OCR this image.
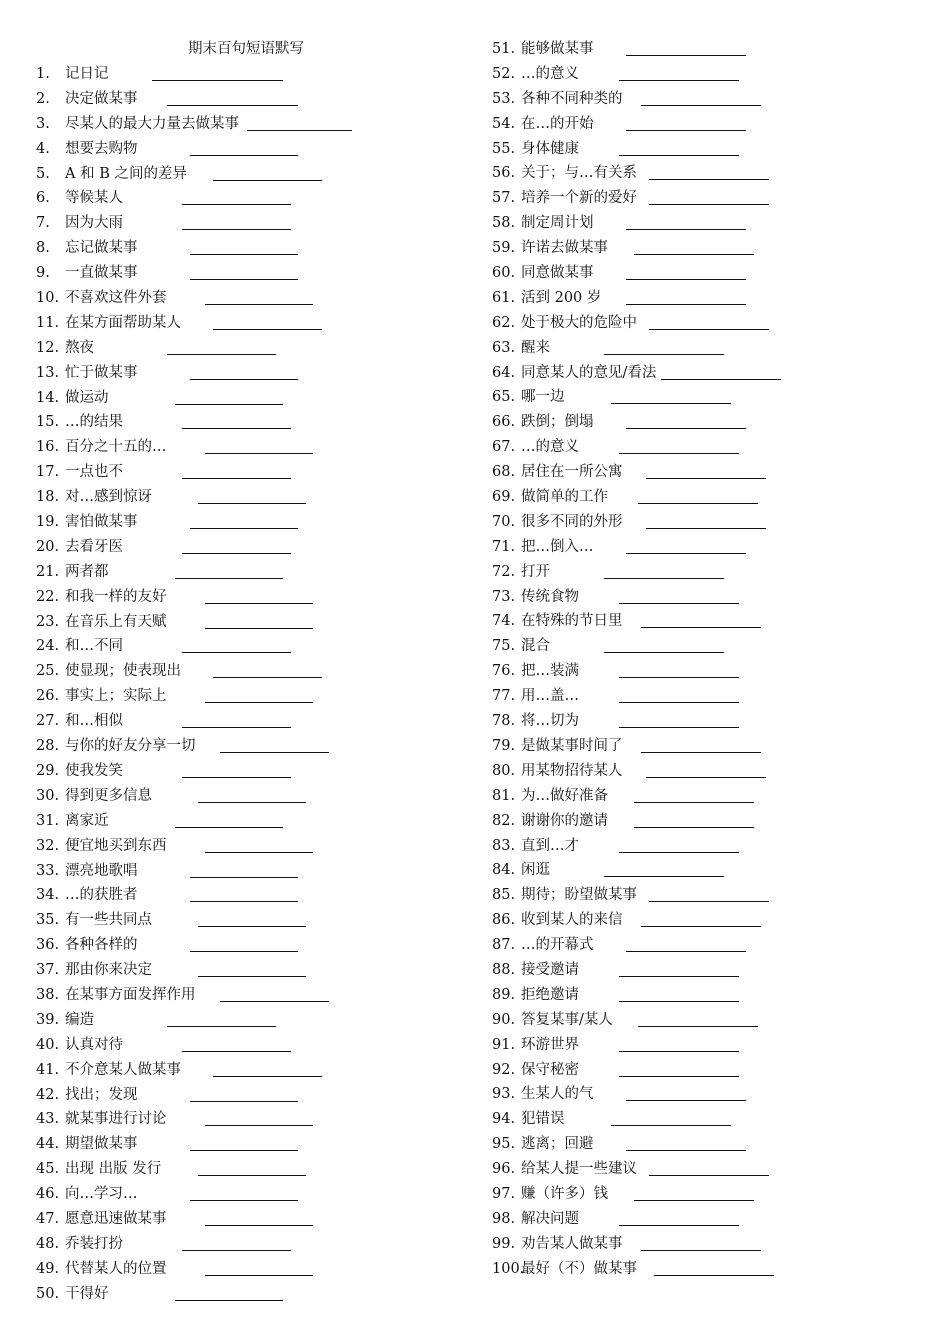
期末百句短语默写
1. 记日记
2. 决定做某事
3. 尽某人的最大力量去做某事
4. 想要去购物
5. A 和 B 之间的差异
6. 等候某人
7. 因为大雨
8. 忘记做某事
9. 一直做某事
10. 不喜欢这件外套
11. 在某方面帮助某人
12. 熬夜
13. 忙于做某事
14. 做运动
15. …的结果
16. 百分之十五的…
17. 一点也不
18. 对…感到惊讶
19. 害怕做某事
20. 去看牙医
21. 两者都
22. 和我一样的友好
23. 在音乐上有天赋
24. 和…不同
25. 使显现；使表现出
26. 事实上；实际上
27. 和…相似
28. 与你的好友分享一切
29. 使我发笑
30. 得到更多信息
31. 离家近
32. 便宜地买到东西
33. 漂亮地歌唱
34. …的获胜者
35. 有一些共同点
36. 各种各样的
37. 那由你来决定
38. 在某事方面发挥作用
39. 编造
40. 认真对待
41. 不介意某人做某事
42. 找出；发现
43. 就某事进行讨论
44. 期望做某事
45. 出现 出版 发行
46. 向…学习…
47. 愿意迅速做某事
48. 乔装打扮
49. 代替某人的位置
50. 干得好
51. 能够做某事
52. …的意义
53. 各种不同种类的
54. 在…的开始
55. 身体健康
56. 关于；与…有关系
57. 培养一个新的爱好
58. 制定周计划
59. 许诺去做某事
60. 同意做某事
61. 活到 200 岁
62. 处于极大的危险中
63. 醒来
64. 同意某人的意见/看法
65. 哪一边
66. 跌倒；倒塌
67. …的意义
68. 居住在一所公寓
69. 做简单的工作
70. 很多不同的外形
71. 把…倒入…
72. 打开
73. 传统食物
74. 在特殊的节日里
75. 混合
76. 把…装满
77. 用…盖…
78. 将…切为
79. 是做某事时间了
80. 用某物招待某人
81. 为…做好准备
82. 谢谢你的邀请
83. 直到…才
84. 闲逛
85. 期待；盼望做某事
86. 收到某人的来信
87. …的开幕式
88. 接受邀请
89. 拒绝邀请
90. 答复某事/某人
91. 环游世界
92. 保守秘密
93. 生某人的气
94. 犯错误
95. 逃离；回避
96. 给某人提一些建议
97. 赚（许多）钱
98. 解决问题
99. 劝告某人做某事
100.最好（不）做某事
